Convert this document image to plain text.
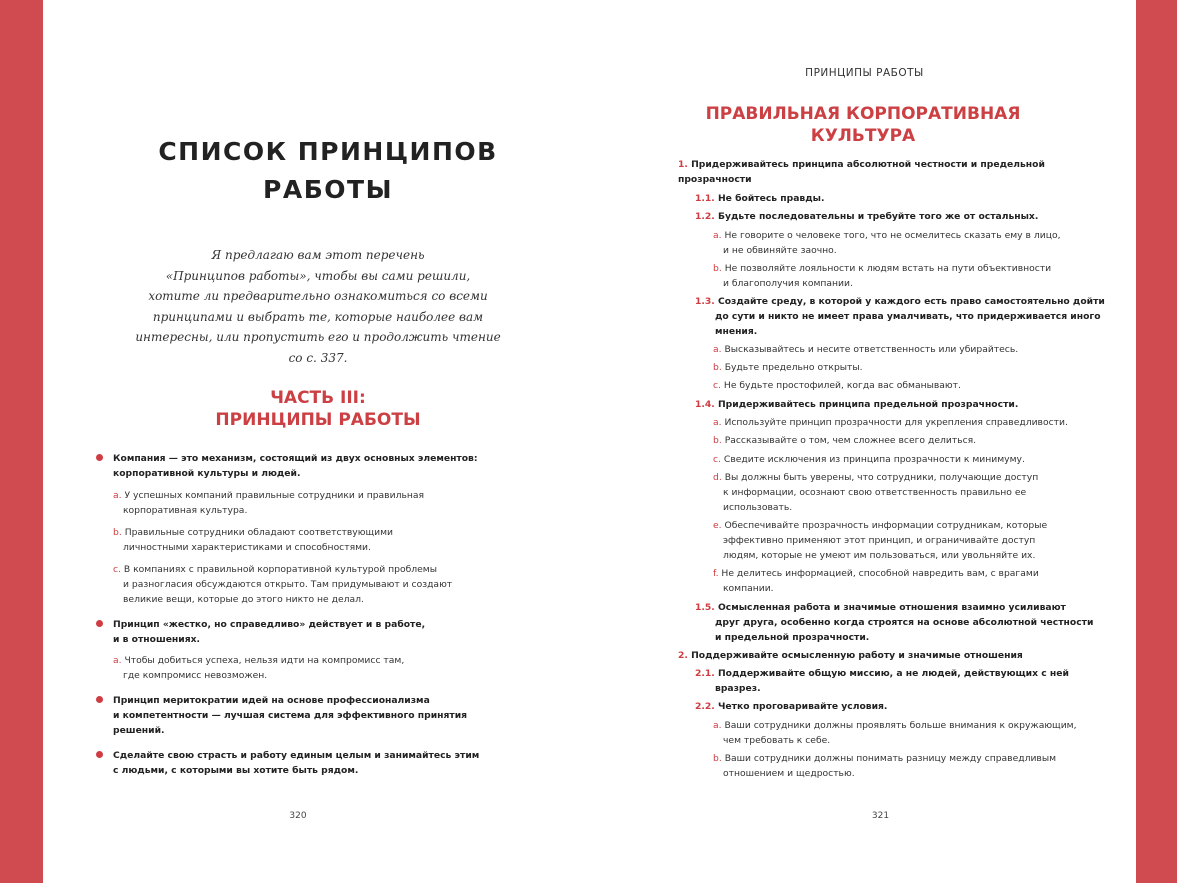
СПИСОК ПРИНЦИПОВ
РАБОТЫ
Я предлагаю вам этот перечень
«Принципов работы», чтобы вы сами решили,
хотите ли предварительно ознакомиться со всеми
принципами и выбрать те, которые наиболее вам
интересны, или пропустить его и продолжить чтение
со с. 337.
ЧАСТЬ III:
ПРИНЦИПЫ РАБОТЫ
Компания — это механизм, состоящий из двух основных элементов:
корпоративной культуры и людей.
a. У успешных компаний правильные сотрудники и правильная
корпоративная культура.
b. Правильные сотрудники обладают соответствующими
личностными характеристиками и способностями.
c. В компаниях с правильной корпоративной культурой проблемы
и разногласия обсуждаются открыто. Там придумывают и создают
великие вещи, которые до этого никто не делал.
Принцип «жестко, но справедливо» действует и в работе,
и в отношениях.
a. Чтобы добиться успеха, нельзя идти на компромисс там,
где компромисс невозможен.
Принцип меритократии идей на основе профессионализма
и компетентности — лучшая система для эффективного принятия
решений.
Сделайте свою страсть и работу единым целым и занимайтесь этим
с людьми, с которыми вы хотите быть рядом.
320
ПРИНЦИПЫ РАБОТЫ
ПРАВИЛЬНАЯ КОРПОРАТИВНАЯ
КУЛЬТУРА
1. Придерживайтесь принципа абсолютной честности и предельной
прозрачности
1.1. Не бойтесь правды.
1.2. Будьте последовательны и требуйте того же от остальных.
a. Не говорите о человеке того, что не осмелитесь сказать ему в лицо,
и не обвиняйте заочно.
b. Не позволяйте лояльности к людям встать на пути объективности
и благополучия компании.
1.3. Создайте среду, в которой у каждого есть право самостоятельно дойти
до сути и никто не имеет права умалчивать, что придерживается иного
мнения.
a. Высказывайтесь и несите ответственность или убирайтесь.
b. Будьте предельно открыты.
c. Не будьте простофилей, когда вас обманывают.
1.4. Придерживайтесь принципа предельной прозрачности.
a. Используйте принцип прозрачности для укрепления справедливости.
b. Рассказывайте о том, чем сложнее всего делиться.
c. Сведите исключения из принципа прозрачности к минимуму.
d. Вы должны быть уверены, что сотрудники, получающие доступ
к информации, осознают свою ответственность правильно ее
использовать.
e. Обеспечивайте прозрачность информации сотрудникам, которые
эффективно применяют этот принцип, и ограничивайте доступ
людям, которые не умеют им пользоваться, или увольняйте их.
f. Не делитесь информацией, способной навредить вам, с врагами
компании.
1.5. Осмысленная работа и значимые отношения взаимно усиливают
друг друга, особенно когда строятся на основе абсолютной честности
и предельной прозрачности.
2. Поддерживайте осмысленную работу и значимые отношения
2.1. Поддерживайте общую миссию, а не людей, действующих с ней
вразрез.
2.2. Четко проговаривайте условия.
a. Ваши сотрудники должны проявлять больше внимания к окружающим,
чем требовать к себе.
b. Ваши сотрудники должны понимать разницу между справедливым
отношением и щедростью.
321
